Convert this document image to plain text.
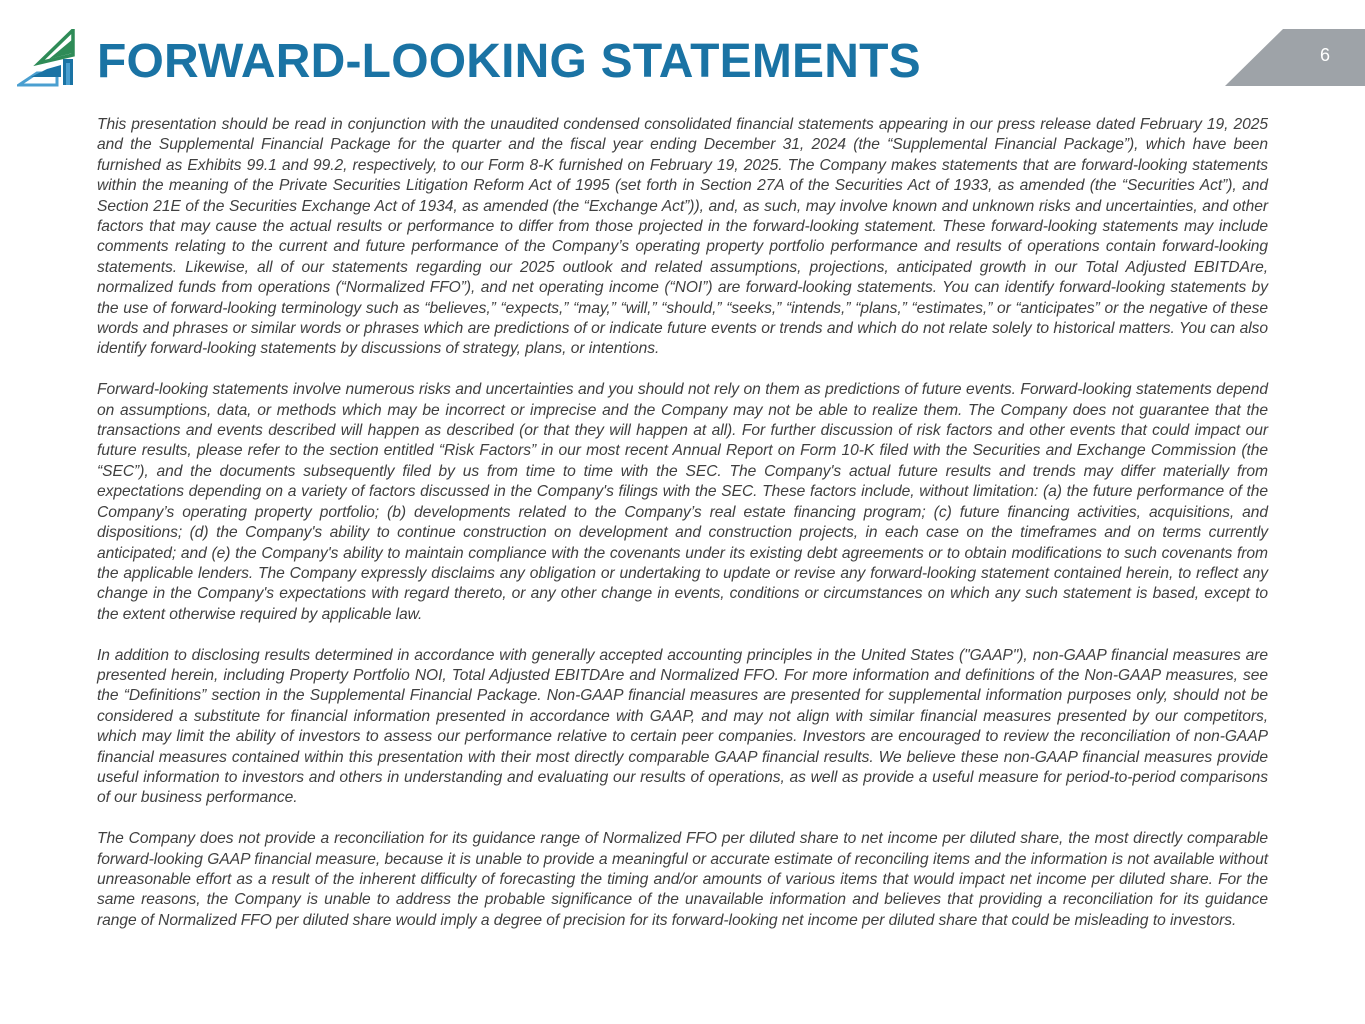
FORWARD-LOOKING STATEMENTS	6

This presentation should be read in conjunction with the unaudited condensed consolidated financial statements appearing in our press release dated February 19, 2025 and the Supplemental Financial Package for the quarter and the fiscal year ending December 31, 2024 (the “Supplemental Financial Package”), which have been furnished as Exhibits 99.1 and 99.2, respectively, to our Form 8-K furnished on February 19, 2025. The Company makes statements that are forward-looking statements within the meaning of the Private Securities Litigation Reform Act of 1995 (set forth in Section 27A of the Securities Act of 1933, as amended (the “Securities Act”), and Section 21E of the Securities Exchange Act of 1934, as amended (the “Exchange Act”)), and, as such, may involve known and unknown risks and uncertainties, and other factors that may cause the actual results or performance to differ from those projected in the forward-looking statement. These forward-looking statements may include comments relating to the current and future performance of the Company’s operating property portfolio performance and results of operations contain forward-looking statements. Likewise, all of our statements regarding our 2025 outlook and related assumptions, projections, anticipated growth in our Total Adjusted EBITDAre, normalized funds from operations (“Normalized FFO”), and net operating income (“NOI”) are forward-looking statements. You can identify forward-looking statements by the use of forward-looking terminology such as “believes,” “expects,” “may,” “will,” “should,” “seeks,” “intends,” “plans,” “estimates,” or “anticipates” or the negative of these words and phrases or similar words or phrases which are predictions of or indicate future events or trends and which do not relate solely to historical matters. You can also identify forward-looking statements by discussions of strategy, plans, or intentions.

Forward-looking statements involve numerous risks and uncertainties and you should not rely on them as predictions of future events. Forward-looking statements depend on assumptions, data, or methods which may be incorrect or imprecise and the Company may not be able to realize them. The Company does not guarantee that the transactions and events described will happen as described (or that they will happen at all). For further discussion of risk factors and other events that could impact our future results, please refer to the section entitled “Risk Factors” in our most recent Annual Report on Form 10-K filed with the Securities and Exchange Commission (the “SEC”), and the documents subsequently filed by us from time to time with the SEC. The Company's actual future results and trends may differ materially from expectations depending on a variety of factors discussed in the Company's filings with the SEC. These factors include, without limitation: (a) the future performance of the Company’s operating property portfolio; (b) developments related to the Company’s real estate financing program; (c) future financing activities, acquisitions, and dispositions; (d) the Company's ability to continue construction on development and construction projects, in each case on the timeframes and on terms currently anticipated; and (e) the Company's ability to maintain compliance with the covenants under its existing debt agreements or to obtain modifications to such covenants from the applicable lenders. The Company expressly disclaims any obligation or undertaking to update or revise any forward-looking statement contained herein, to reflect any change in the Company's expectations with regard thereto, or any other change in events, conditions or circumstances on which any such statement is based, except to the extent otherwise required by applicable law.

In addition to disclosing results determined in accordance with generally accepted accounting principles in the United States ("GAAP"), non-GAAP financial measures are presented herein, including Property Portfolio NOI, Total Adjusted EBITDAre and Normalized FFO. For more information and definitions of the Non-GAAP measures, see the “Definitions” section in the Supplemental Financial Package. Non-GAAP financial measures are presented for supplemental information purposes only, should not be considered a substitute for financial information presented in accordance with GAAP, and may not align with similar financial measures presented by our competitors, which may limit the ability of investors to assess our performance relative to certain peer companies. Investors are encouraged to review the reconciliation of non-GAAP financial measures contained within this presentation with their most directly comparable GAAP financial results. We believe these non-GAAP financial measures provide useful information to investors and others in understanding and evaluating our results of operations, as well as provide a useful measure for period-to-period comparisons of our business performance.

The Company does not provide a reconciliation for its guidance range of Normalized FFO per diluted share to net income per diluted share, the most directly comparable forward-looking GAAP financial measure, because it is unable to provide a meaningful or accurate estimate of reconciling items and the information is not available without unreasonable effort as a result of the inherent difficulty of forecasting the timing and/or amounts of various items that would impact net income per diluted share. For the same reasons, the Company is unable to address the probable significance of the unavailable information and believes that providing a reconciliation for its guidance range of Normalized FFO per diluted share would imply a degree of precision for its forward-looking net income per diluted share that could be misleading to investors.
